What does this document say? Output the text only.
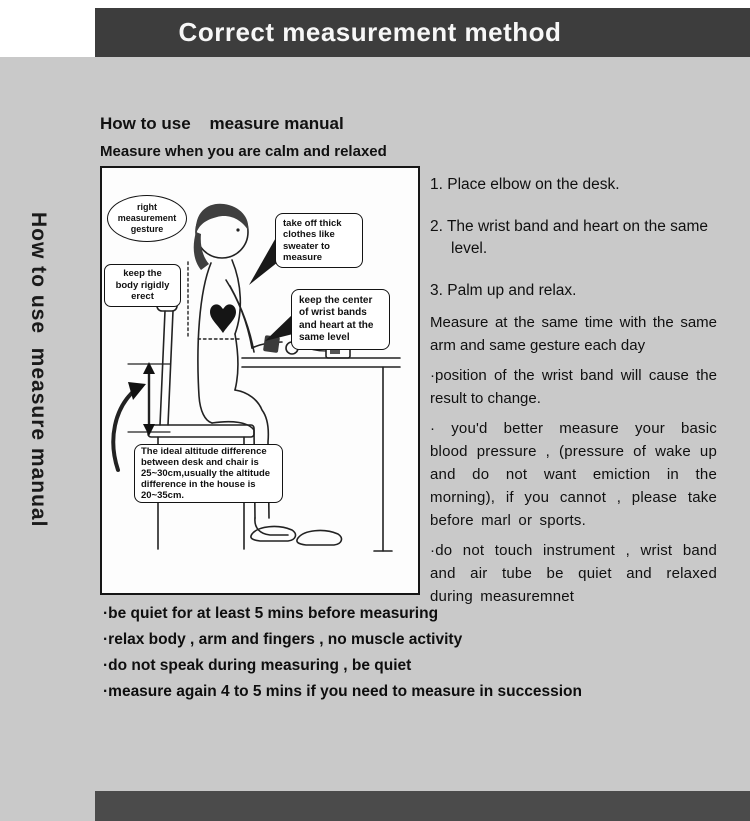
Correct measurement method
How to use  measure manual
How to use    measure manual
Measure when you are calm and relaxed
right measurement gesture
keep the body rigidly erect
take off thick clothes like sweater to measure
keep the center of wrist bands and heart at the same level
The ideal altitude difference between desk and chair is 25~30cm,usually the altitude difference in the house is 20~35cm.
1. Place elbow on the desk.
2. The wrist band and heart on the same level.
3. Palm up and relax.
Measure at the same time with the same arm and same gesture each day
·position of the wrist band will cause the result to change.
· you'd better measure your basic blood pressure , (pressure of wake up and do not want emiction in the morning), if you cannot , please take before marl or sports.
·do not touch instrument , wrist band and air tube be quiet and relaxed during measuremnet
·be quiet for at least 5 mins before measuring
·relax body , arm and fingers , no muscle activity
·do not speak during measuring , be quiet
·measure again 4 to 5 mins if you need to measure in succession
